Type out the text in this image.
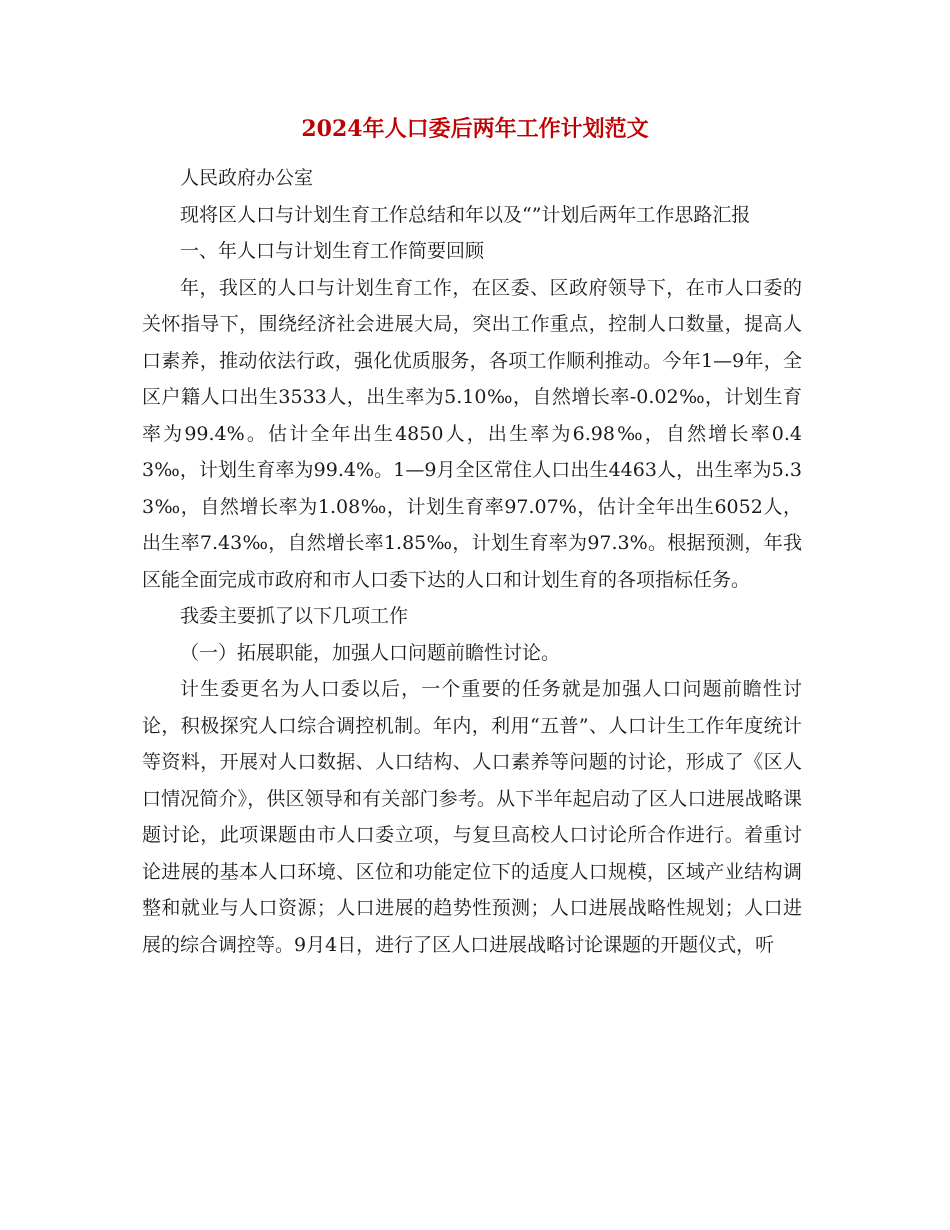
2024年人口委后两年工作计划范文

人民政府办公室

现将区人口与计划生育工作总结和年以及“”计划后两年工作思路汇报

一、年人口与计划生育工作简要回顾

年，我区的人口与计划生育工作，在区委、区政府领导下，在市人口委的关怀指导下，围绕经济社会进展大局，突出工作重点，控制人口数量，提高人口素养，推动依法行政，强化优质服务，各项工作顺利推动。今年1—9年，全区户籍人口出生3533人，出生率为5.10‰，自然增长率-0.02‰，计划生育率为99.4%。估计全年出生4850人，出生率为6.98‰，自然增长率0.43‰，计划生育率为99.4%。1—9月全区常住人口出生4463人，出生率为5.33‰，自然增长率为1.08‰，计划生育率97.07%，估计全年出生6052人，出生率7.43‰，自然增长率1.85‰，计划生育率为97.3%。根据预测，年我区能全面完成市政府和市人口委下达的人口和计划生育的各项指标任务。

我委主要抓了以下几项工作

（一）拓展职能，加强人口问题前瞻性讨论。

计生委更名为人口委以后，一个重要的任务就是加强人口问题前瞻性讨论，积极探究人口综合调控机制。年内，利用“五普”、人口计生工作年度统计等资料，开展对人口数据、人口结构、人口素养等问题的讨论，形成了《区人口情况简介》，供区领导和有关部门参考。从下半年起启动了区人口进展战略课题讨论，此项课题由市人口委立项，与复旦高校人口讨论所合作进行。着重讨论进展的基本人口环境、区位和功能定位下的适度人口规模，区域产业结构调整和就业与人口资源；人口进展的趋势性预测；人口进展战略性规划；人口进展的综合调控等。9月4日，进行了区人口进展战略讨论课题的开题仪式，听
